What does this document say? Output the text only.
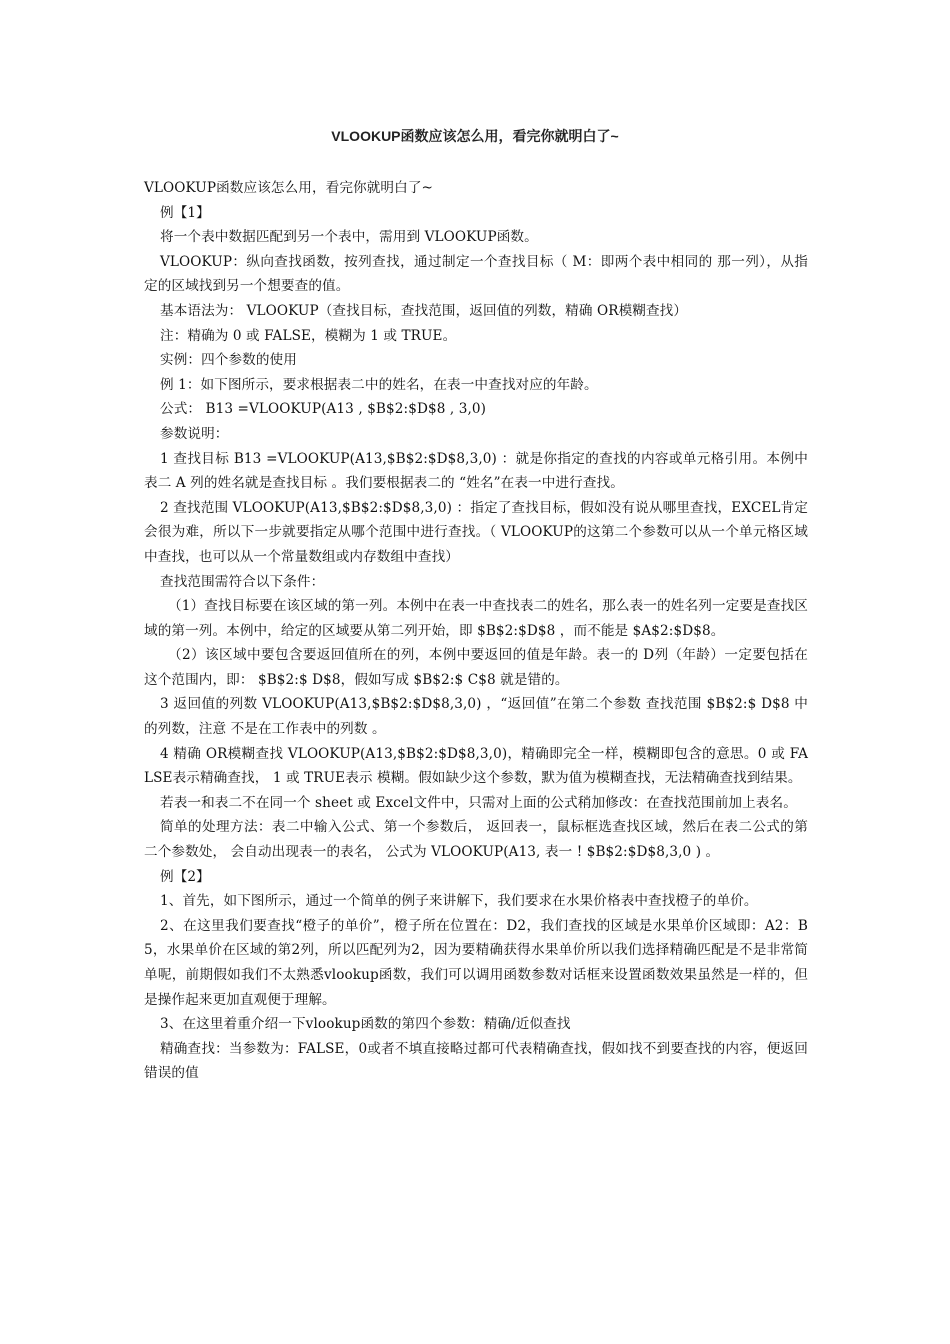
VLOOKUP函数应该怎么用，看完你就明白了~

VLOOKUP函数应该怎么用，看完你就明白了~

例【1】

将一个表中数据匹配到另一个表中，需用到 VLOOKUP函数。

VLOOKUP：纵向查找函数，按列查找，通过制定一个查找目标（ M：即两个表中相同的 那一列），从指定的区域找到另一个想要查的值。

基本语法为： VLOOKUP（查找目标，查找范围，返回值的列数，精确 OR模糊查找）

注：精确为 0 或 FALSE，模糊为 1 或 TRUE。

实例：四个参数的使用

例 1：如下图所示，要求根据表二中的姓名，在表一中查找对应的年龄。

公式： B13 =VLOOKUP(A13 , $B$2:$D$8 , 3,0)

参数说明：

1 查找目标 B13 =VLOOKUP(A13,$B$2:$D$8,3,0) ：就是你指定的查找的内容或单元格引用。本例中表二 A 列的姓名就是查找目标 。我们要根据表二的 “姓名”在表一中进行查找。

2 查找范围 VLOOKUP(A13,$B$2:$D$8,3,0) ：指定了查找目标，假如没有说从哪里查找，EXCEL肯定会很为难，所以下一步就要指定从哪个范围中进行查找。（ VLOOKUP的这第二个参数可以从一个单元格区域中查找，也可以从一个常量数组或内存数组中查找）

查找范围需符合以下条件：

（1）查找目标要在该区域的第一列。本例中在表一中查找表二的姓名，那么表一的姓名列一定要是查找区域的第一列。本例中，给定的区域要从第二列开始，即 $B$2:$D$8 ，而不能是 $A$2:$D$8。

（2）该区域中要包含要返回值所在的列，本例中要返回的值是年龄。表一的 D列（年龄）一定要包括在这个范围内，即： $B$2:$ D$8，假如写成 $B$2:$ C$8 就是错的。

3 返回值的列数 VLOOKUP(A13,$B$2:$D$8,3,0) ，“返回值”在第二个参数 查找范围 $B$2:$ D$8 中的列数，注意 不是在工作表中的列数 。

4 精确 OR模糊查找 VLOOKUP(A13,$B$2:$D$8,3,0)，精确即完全一样，模糊即包含的意思。0 或 FALSE表示精确查找， 1 或 TRUE表示 模糊。假如缺少这个参数，默为值为模糊查找，无法精确查找到结果。

若表一和表二不在同一个 sheet 或 Excel文件中，只需对上面的公式稍加修改：在查找范围前加上表名。

简单的处理方法：表二中输入公式、第一个参数后， 返回表一，鼠标框选查找区域，然后在表二公式的第二个参数处， 会自动出现表一的表名， 公式为 VLOOKUP(A13, 表一 ! $B$2:$D$8,3,0 ) 。

例【2】

1、首先，如下图所示，通过一个简单的例子来讲解下，我们要求在水果价格表中查找橙子的单价。

2、在这里我们要查找“橙子的单价”，橙子所在位置在：D2，我们查找的区域是水果单价区域即：A2：B5，水果单价在区域的第2列，所以匹配列为2，因为要精确获得水果单价所以我们选择精确匹配是不是非常简单呢，前期假如我们不太熟悉vlookup函数，我们可以调用函数参数对话框来设置函数效果虽然是一样的，但是操作起来更加直观便于理解。

3、在这里着重介绍一下vlookup函数的第四个参数：精确/近似查找

精确查找：当参数为：FALSE，0或者不填直接略过都可代表精确查找，假如找不到要查找的内容，便返回错误的值
